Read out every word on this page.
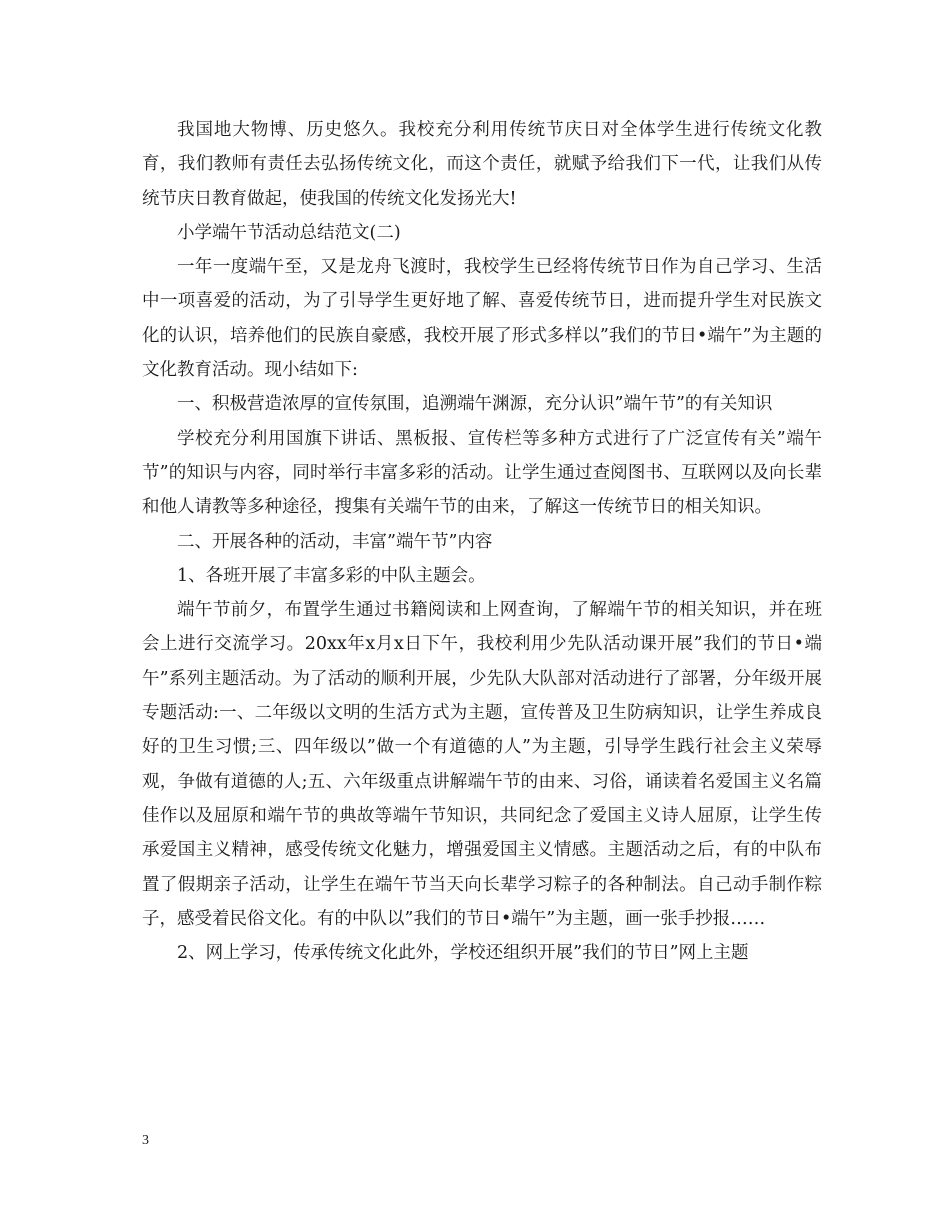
我国地大物博、历史悠久。我校充分利用传统节庆日对全体学生进行传统文化教育，我们教师有责任去弘扬传统文化，而这个责任，就赋予给我们下一代，让我们从传统节庆日教育做起，使我国的传统文化发扬光大!

小学端午节活动总结范文(二)

一年一度端午至，又是龙舟飞渡时，我校学生已经将传统节日作为自己学习、生活中一项喜爱的活动，为了引导学生更好地了解、喜爱传统节日，进而提升学生对民族文化的认识，培养他们的民族自豪感，我校开展了形式多样以”我们的节日•端午”为主题的文化教育活动。现小结如下:

一、积极营造浓厚的宣传氛围，追溯端午渊源，充分认识”端午节”的有关知识

学校充分利用国旗下讲话、黑板报、宣传栏等多种方式进行了广泛宣传有关”端午节”的知识与内容，同时举行丰富多彩的活动。让学生通过查阅图书、互联网以及向长辈和他人请教等多种途径，搜集有关端午节的由来，了解这一传统节日的相关知识。

二、开展各种的活动，丰富”端午节”内容

1、各班开展了丰富多彩的中队主题会。

端午节前夕，布置学生通过书籍阅读和上网查询，了解端午节的相关知识，并在班会上进行交流学习。20xx年x月x日下午，我校利用少先队活动课开展”我们的节日•端午”系列主题活动。为了活动的顺利开展，少先队大队部对活动进行了部署，分年级开展专题活动:一、二年级以文明的生活方式为主题，宣传普及卫生防病知识，让学生养成良好的卫生习惯;三、四年级以”做一个有道德的人”为主题，引导学生践行社会主义荣辱观，争做有道德的人;五、六年级重点讲解端午节的由来、习俗，诵读着名爱国主义名篇佳作以及屈原和端午节的典故等端午节知识，共同纪念了爱国主义诗人屈原，让学生传承爱国主义精神，感受传统文化魅力，增强爱国主义情感。主题活动之后，有的中队布置了假期亲子活动，让学生在端午节当天向长辈学习粽子的各种制法。自己动手制作粽子，感受着民俗文化。有的中队以”我们的节日•端午”为主题，画一张手抄报……

2、网上学习，传承传统文化此外，学校还组织开展”我们的节日”网上主题

3
